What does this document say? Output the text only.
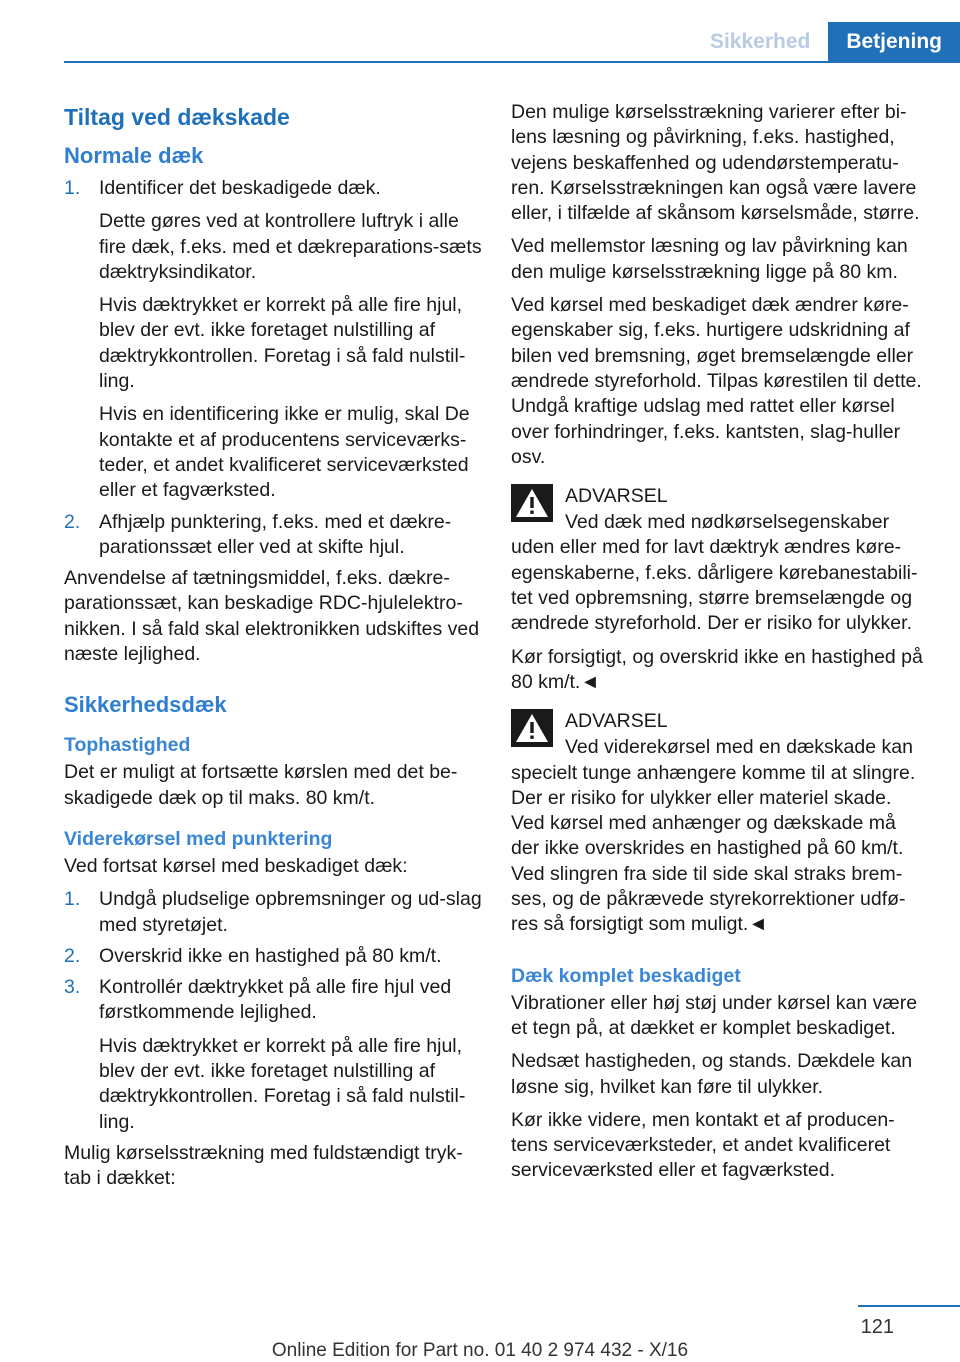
Sikkerhed	Betjening
Tiltag ved dækskade
Normale dæk
1. Identificer det beskadigede dæk.

Dette gøres ved at kontrollere luftryk i alle fire dæk, f.eks. med et dækreparations‐sæts dæktryksindikator.

Hvis dæktrykket er korrekt på alle fire hjul, blev der evt. ikke foretaget nulstilling af dæktrykkontrollen. Foretag i så fald nulstil‐ling.

Hvis en identificering ikke er mulig, skal De kontakte et af producentens serviceværks‐teder, et andet kvalificeret serviceværksted eller et fagværksted.

2. Afhjælp punktering, f.eks. med et dækre‐parationssæt eller ved at skifte hjul.

Anvendelse af tætningsmiddel, f.eks. dækre‐parationssæt, kan beskadige RDC-hjulelektro‐nikken. I så fald skal elektronikken udskiftes ved næste lejlighed.

Sikkerhedsdæk
Tophastighed

Det er muligt at fortsætte kørslen med det be‐skadigede dæk op til maks. 80 km/t.

Viderekørsel med punktering

Ved fortsat kørsel med beskadiget dæk:

1. Undgå pludselige opbremsninger og ud‐slag med styretøjet.

2. Overskrid ikke en hastighed på 80 km/t.

3. Kontrollér dæktrykket på alle fire hjul ved førstkommende lejlighed.

Hvis dæktrykket er korrekt på alle fire hjul, blev der evt. ikke foretaget nulstilling af dæktrykkontrollen. Foretag i så fald nulstil‐ling.

Mulig kørselsstrækning med fuldstændigt tryk‐tab i dækket:

Den mulige kørselsstrækning varierer efter bi‐lens læsning og påvirkning, f.eks. hastighed, vejens beskaffenhed og udendørstemperatu‐ren. Kørselsstrækningen kan også være lavere eller, i tilfælde af skånsom kørselsmåde, større.

Ved mellemstor læsning og lav påvirkning kan den mulige kørselsstrækning ligge på 80 km.

Ved kørsel med beskadiget dæk ændrer køre‐egenskaber sig, f.eks. hurtigere udskridning af bilen ved bremsning, øget bremselængde eller ændrede styreforhold. Tilpas kørestilen til dette. Undgå kraftige udslag med rattet eller kørsel over forhindringer, f.eks. kantsten, slag‐huller osv.

ADVARSEL

Ved dæk med nødkørselsegenskaber uden eller med for lavt dæktryk ændres køre‐egenskaberne, f.eks. dårligere kørebanestabili‐tet ved opbremsning, større bremselængde og ændrede styreforhold. Der er risiko for ulykker.

Kør forsigtigt, og overskrid ikke en hastighed på 80 km/t.◄

ADVARSEL

Ved viderekørsel med en dækskade kan specielt tunge anhængere komme til at slingre. Der er risiko for ulykker eller materiel skade. Ved kørsel med anhænger og dækskade må der ikke overskrides en hastighed på 60 km/t. Ved slingren fra side til side skal straks brem‐ses, og de påkrævede styrekorrektioner udfø‐res så forsigtigt som muligt.◄

Dæk komplet beskadiget

Vibrationer eller høj støj under kørsel kan være et tegn på, at dækket er komplet beskadiget.

Nedsæt hastigheden, og stands. Dækdele kan løsne sig, hvilket kan føre til ulykker.

Kør ikke videre, men kontakt et af producen‐tens serviceværksteder, et andet kvalificeret serviceværksted eller et fagværksted.

121
Online Edition for Part no. 01 40 2 974 432 - X/16
